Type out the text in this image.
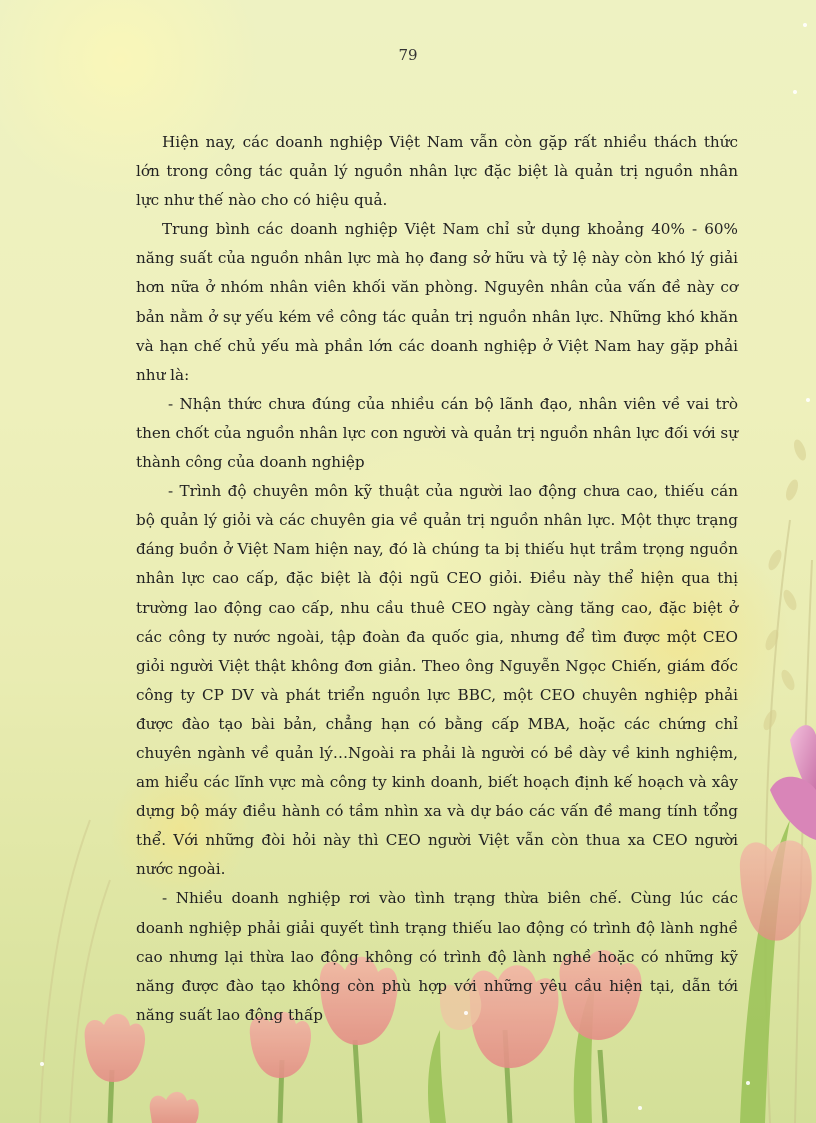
79

Hiện nay, các doanh nghiệp Việt Nam vẫn còn gặp rất nhiều thách thức lớn trong công tác quản lý nguồn nhân lực đặc biệt là quản trị nguồn nhân lực như thế nào cho có hiệu quả.

Trung bình các doanh nghiệp Việt Nam chỉ sử dụng khoảng 40% - 60% năng suất của nguồn nhân lực mà họ đang sở hữu và tỷ lệ này còn khó lý giải hơn nữa ở nhóm nhân viên khối văn phòng. Nguyên nhân của vấn đề này cơ bản nằm ở sự yếu kém về công tác quản trị nguồn nhân lực. Những khó khăn và hạn chế chủ yếu mà phần lớn các doanh nghiệp ở Việt Nam hay gặp phải như là:

- Nhận thức chưa đúng của nhiều cán bộ lãnh đạo, nhân viên về vai trò then chốt của nguồn nhân lực con người và quản trị nguồn nhân lực đối với sự thành công của doanh nghiệp

- Trình độ chuyên môn kỹ thuật của người lao động chưa cao, thiếu cán bộ quản lý giỏi và các chuyên gia về quản trị nguồn nhân lực. Một thực trạng đáng buồn ở Việt Nam hiện nay, đó là chúng ta bị thiếu hụt trầm trọng nguồn nhân lực cao cấp, đặc biệt là đội ngũ CEO giỏi. Điều này thể hiện qua thị trường lao động cao cấp, nhu cầu thuê CEO ngày càng tăng cao, đặc biệt ở các công ty nước ngoài, tập đoàn đa quốc gia, nhưng để tìm được một CEO giỏi người Việt thật không đơn giản. Theo ông Nguyễn Ngọc Chiến, giám đốc công ty CP DV và phát triển nguồn lực BBC, một CEO chuyên nghiệp phải được đào tạo bài bản, chẳng hạn có bằng cấp MBA, hoặc các chứng chỉ chuyên ngành về quản lý…Ngoài ra phải là người có bề dày về kinh nghiệm, am hiểu các lĩnh vực mà công ty kinh doanh, biết hoạch định kế hoạch và xây dựng bộ máy điều hành có tầm nhìn xa và dự báo các vấn đề mang tính tổng thể. Với những đòi hỏi này thì CEO người Việt vẫn còn thua xa CEO người nước ngoài.

- Nhiều doanh nghiệp rơi vào tình trạng thừa biên chế. Cùng lúc các doanh nghiệp phải giải quyết tình trạng thiếu lao động có trình độ lành nghề cao nhưng lại thừa lao động không có trình độ lành nghề hoặc có những kỹ năng được đào tạo không còn phù hợp với những yêu cầu hiện tại, dẫn tới năng suất lao động thấp
